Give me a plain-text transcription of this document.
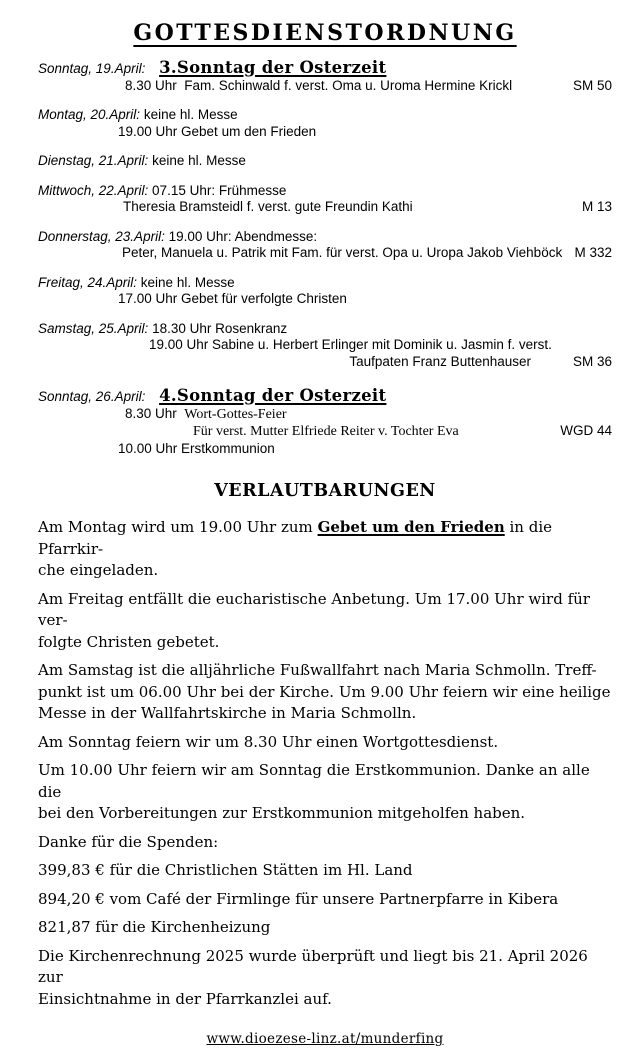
GOTTESDIENSTORDNUNG
Sonntag, 19.April: 3.Sonntag der Osterzeit
8.30 Uhr  Fam. Schinwald f. verst. Oma u. Uroma Hermine Krickl	SM 50
Montag, 20.April: keine hl. Messe
19.00 Uhr Gebet um den Frieden
Dienstag, 21.April: keine hl. Messe
Mittwoch, 22.April: 07.15 Uhr: Frühmesse
Theresia Bramsteidl f. verst. gute Freundin Kathi	M 13
Donnerstag, 23.April: 19.00 Uhr: Abendmesse:
Peter, Manuela u. Patrik mit Fam. für verst. Opa u. Uropa Jakob Viehböck M 332
Freitag, 24.April: keine hl. Messe
17.00 Uhr Gebet für verfolgte Christen
Samstag, 25.April: 18.30 Uhr Rosenkranz
19.00 Uhr Sabine u. Herbert Erlinger mit Dominik u. Jasmin f. verst.
Taufpaten Franz Buttenhauser	SM 36
Sonntag, 26.April: 4.Sonntag der Osterzeit
8.30 Uhr Wort-Gottes-Feier
Für verst. Mutter Elfriede Reiter v. Tochter Eva	WGD 44
10.00 Uhr Erstkommunion
VERLAUTBARUNGEN
Am Montag wird um 19.00 Uhr zum Gebet um den Frieden in die Pfarrkir-
che eingeladen.
Am Freitag entfällt die eucharistische Anbetung. Um 17.00 Uhr wird für ver-
folgte Christen gebetet.
Am Samstag ist die alljährliche Fußwallfahrt nach Maria Schmolln. Treff-
punkt ist um 06.00 Uhr bei der Kirche. Um 9.00 Uhr feiern wir eine heilige
Messe in der Wallfahrtskirche in Maria Schmolln.
Am Sonntag feiern wir um 8.30 Uhr einen Wortgottesdienst.
Um 10.00 Uhr feiern wir am Sonntag die Erstkommunion. Danke an alle die
bei den Vorbereitungen zur Erstkommunion mitgeholfen haben.
Danke für die Spenden:
399,83 € für die Christlichen Stätten im Hl. Land
894,20 € vom Café der Firmlinge für unsere Partnerpfarre in Kibera
821,87 für die Kirchenheizung
Die Kirchenrechnung 2025 wurde überprüft und liegt bis 21. April 2026 zur
Einsichtnahme in der Pfarrkanzlei auf.
www.dioezese-linz.at/munderfing
